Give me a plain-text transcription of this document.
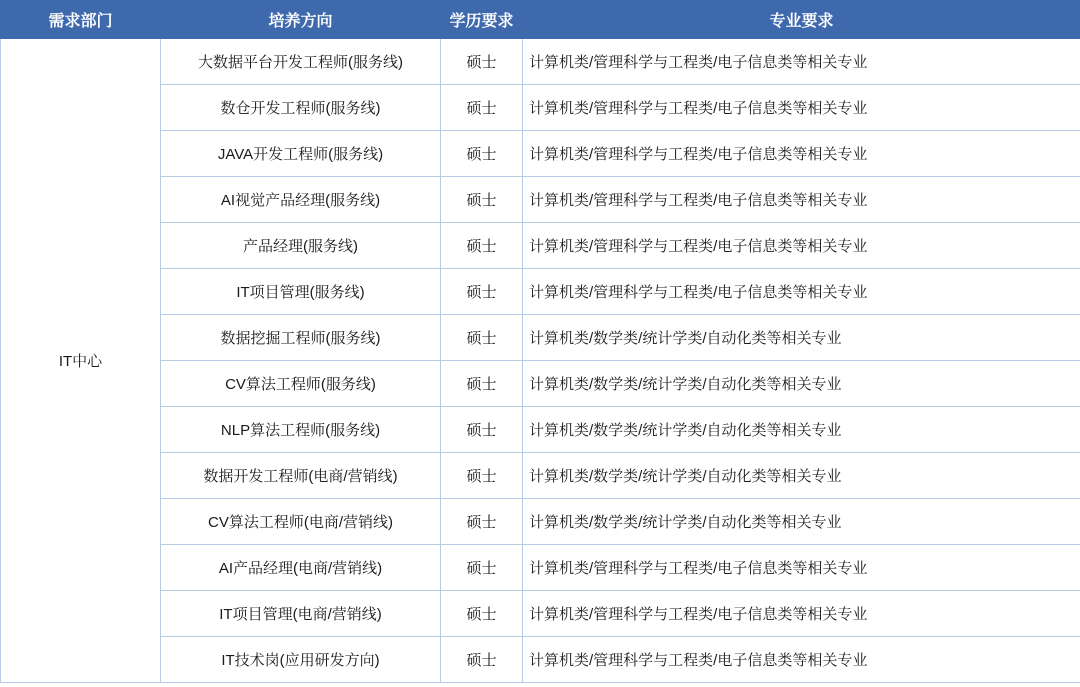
需求部门	培养方向	学历要求	专业要求
IT中心	大数据平台开发工程师(服务线)	硕士	计算机类/管理科学与工程类/电子信息类等相关专业
	数仓开发工程师(服务线)	硕士	计算机类/管理科学与工程类/电子信息类等相关专业
	JAVA开发工程师(服务线)	硕士	计算机类/管理科学与工程类/电子信息类等相关专业
	AI视觉产品经理(服务线)	硕士	计算机类/管理科学与工程类/电子信息类等相关专业
	产品经理(服务线)	硕士	计算机类/管理科学与工程类/电子信息类等相关专业
	IT项目管理(服务线)	硕士	计算机类/管理科学与工程类/电子信息类等相关专业
	数据挖掘工程师(服务线)	硕士	计算机类/数学类/统计学类/自动化类等相关专业
	CV算法工程师(服务线)	硕士	计算机类/数学类/统计学类/自动化类等相关专业
	NLP算法工程师(服务线)	硕士	计算机类/数学类/统计学类/自动化类等相关专业
	数据开发工程师(电商/营销线)	硕士	计算机类/数学类/统计学类/自动化类等相关专业
	CV算法工程师(电商/营销线)	硕士	计算机类/数学类/统计学类/自动化类等相关专业
	AI产品经理(电商/营销线)	硕士	计算机类/管理科学与工程类/电子信息类等相关专业
	IT项目管理(电商/营销线)	硕士	计算机类/管理科学与工程类/电子信息类等相关专业
	IT技术岗(应用研发方向)	硕士	计算机类/管理科学与工程类/电子信息类等相关专业
